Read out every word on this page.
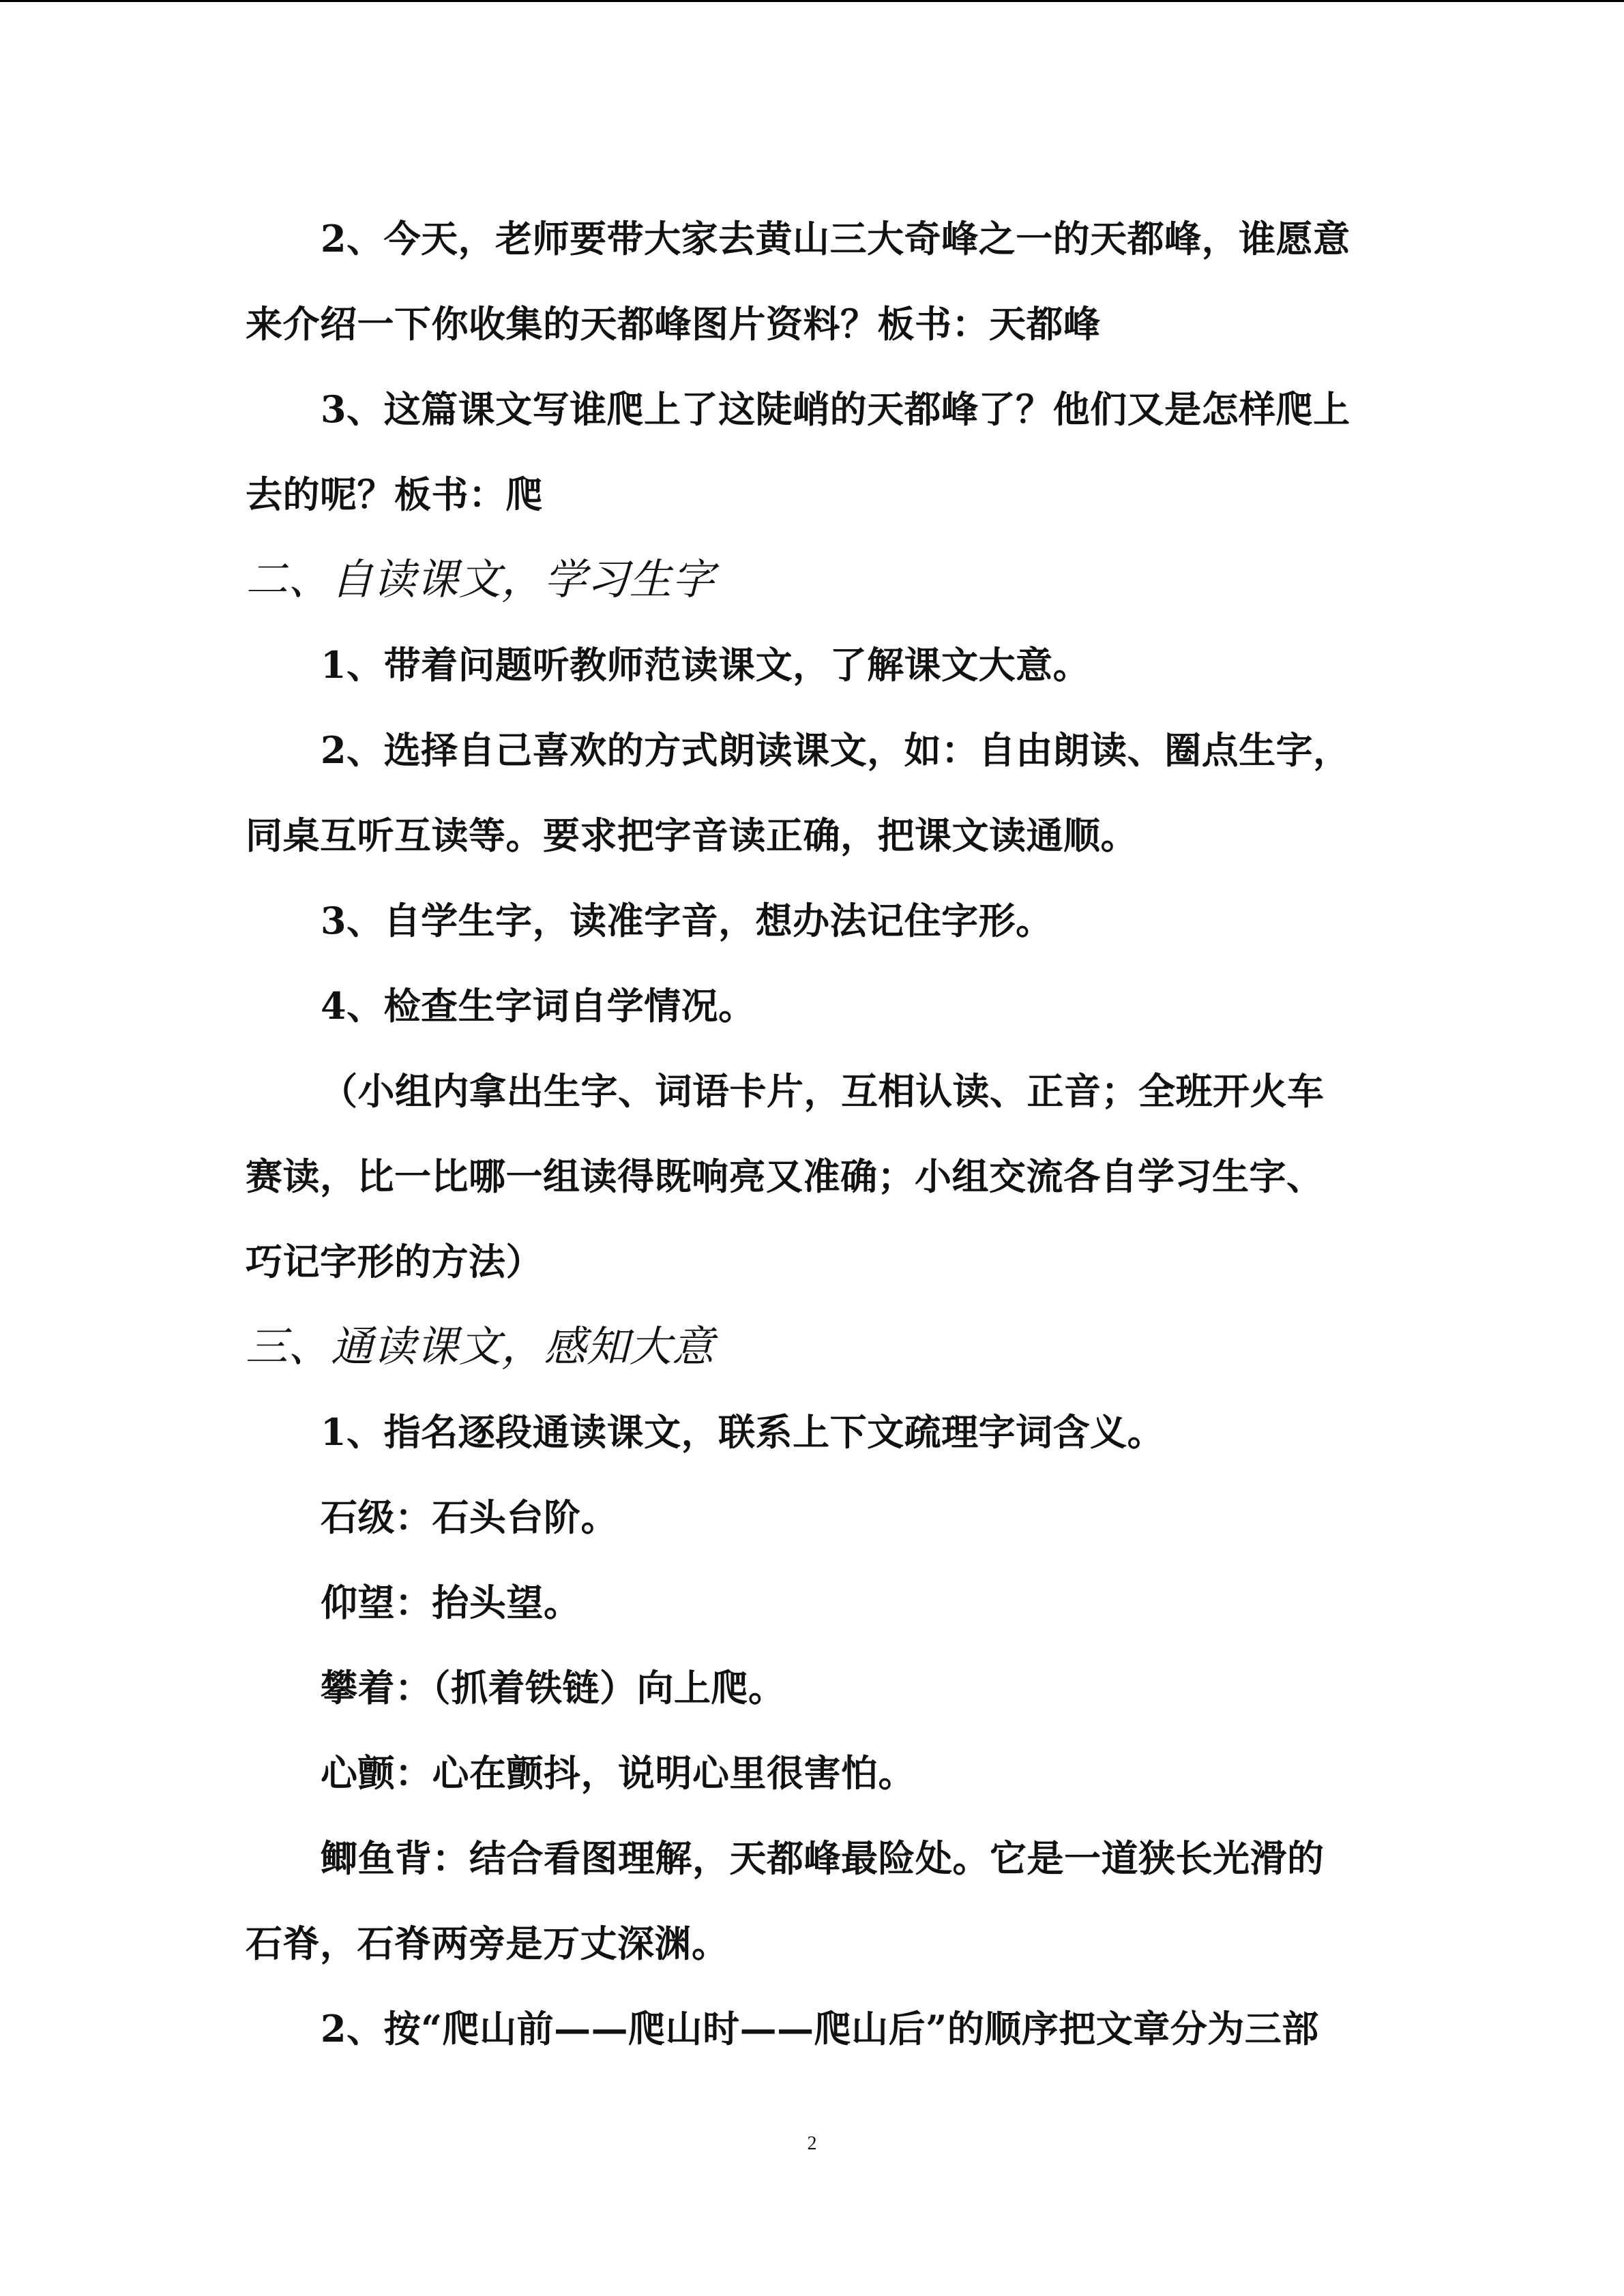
2、今天，老师要带大家去黄山三大奇峰之一的天都峰，谁愿意
来介绍一下你收集的天都峰图片资料？板书：天都峰
3、这篇课文写谁爬上了这陡峭的天都峰了？他们又是怎样爬上
去的呢？板书：爬
二、自读课文，学习生字
1、带着问题听教师范读课文，了解课文大意。
2、选择自己喜欢的方式朗读课文，如：自由朗读、圈点生字，
同桌互听互读等。要求把字音读正确，把课文读通顺。
3、自学生字，读准字音，想办法记住字形。
4、检查生字词自学情况。
（小组内拿出生字、词语卡片，互相认读、正音；全班开火车
赛读，比一比哪一组读得既响亮又准确；小组交流各自学习生字、
巧记字形的方法）
三、通读课文，感知大意
1、指名逐段通读课文，联系上下文疏理字词含义。
石级：石头台阶。
仰望：抬头望。
攀着：（抓着铁链）向上爬。
心颤：心在颤抖，说明心里很害怕。
鲫鱼背：结合看图理解，天都峰最险处。它是一道狭长光滑的
石脊，石脊两旁是万丈深渊。
2、按“爬山前——爬山时——爬山后”的顺序把文章分为三部
2
